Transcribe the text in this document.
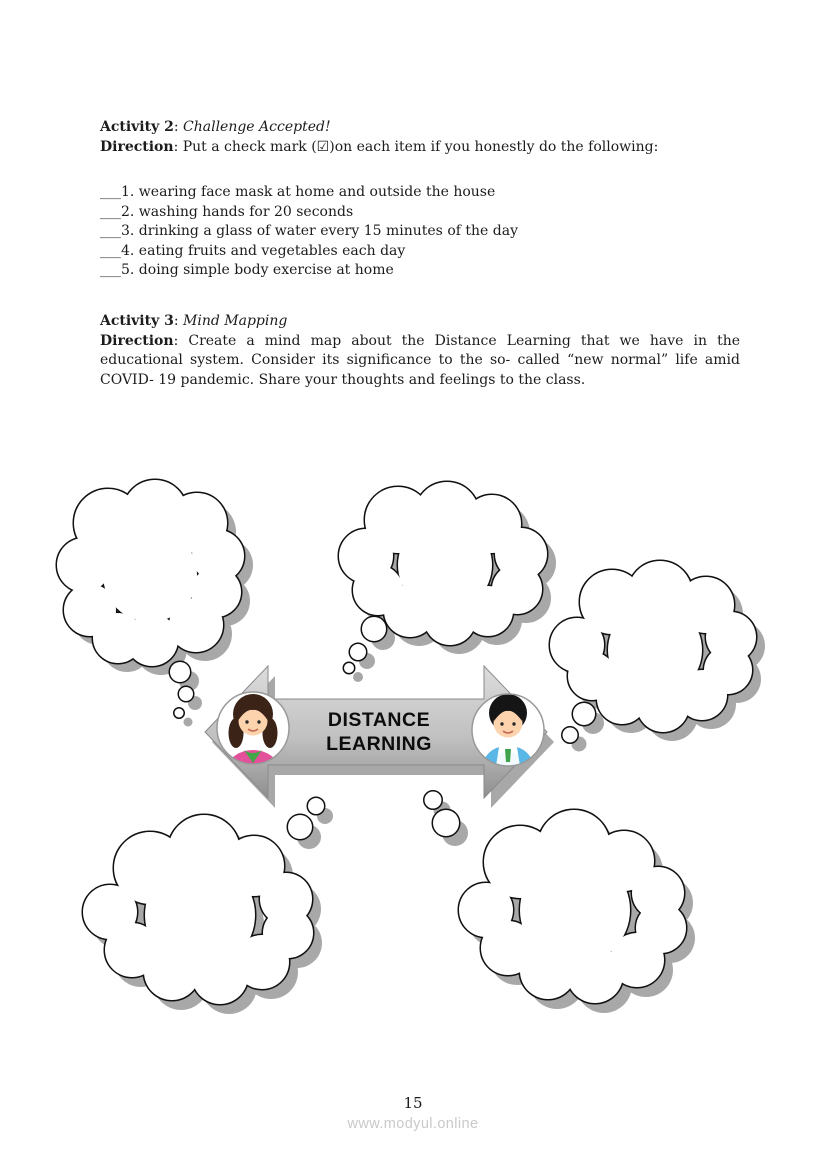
Activity 2: Challenge Accepted!

Direction: Put a check mark (☑)on each item if you honestly do the following:

___1. wearing face mask at home and outside the house

___2. washing hands for 20 seconds

___3. drinking a glass of water every 15 minutes of the day

___4. eating fruits and vegetables each day

___5. doing simple body exercise at home

Activity 3: Mind Mapping

Direction: Create a mind map about the Distance Learning that we have in the

educational system. Consider its significance to the so- called “new normal” life amid

COVID- 19 pandemic. Share your thoughts and feelings to the class.

DISTANCE
LEARNING
15
www.modyul.online
